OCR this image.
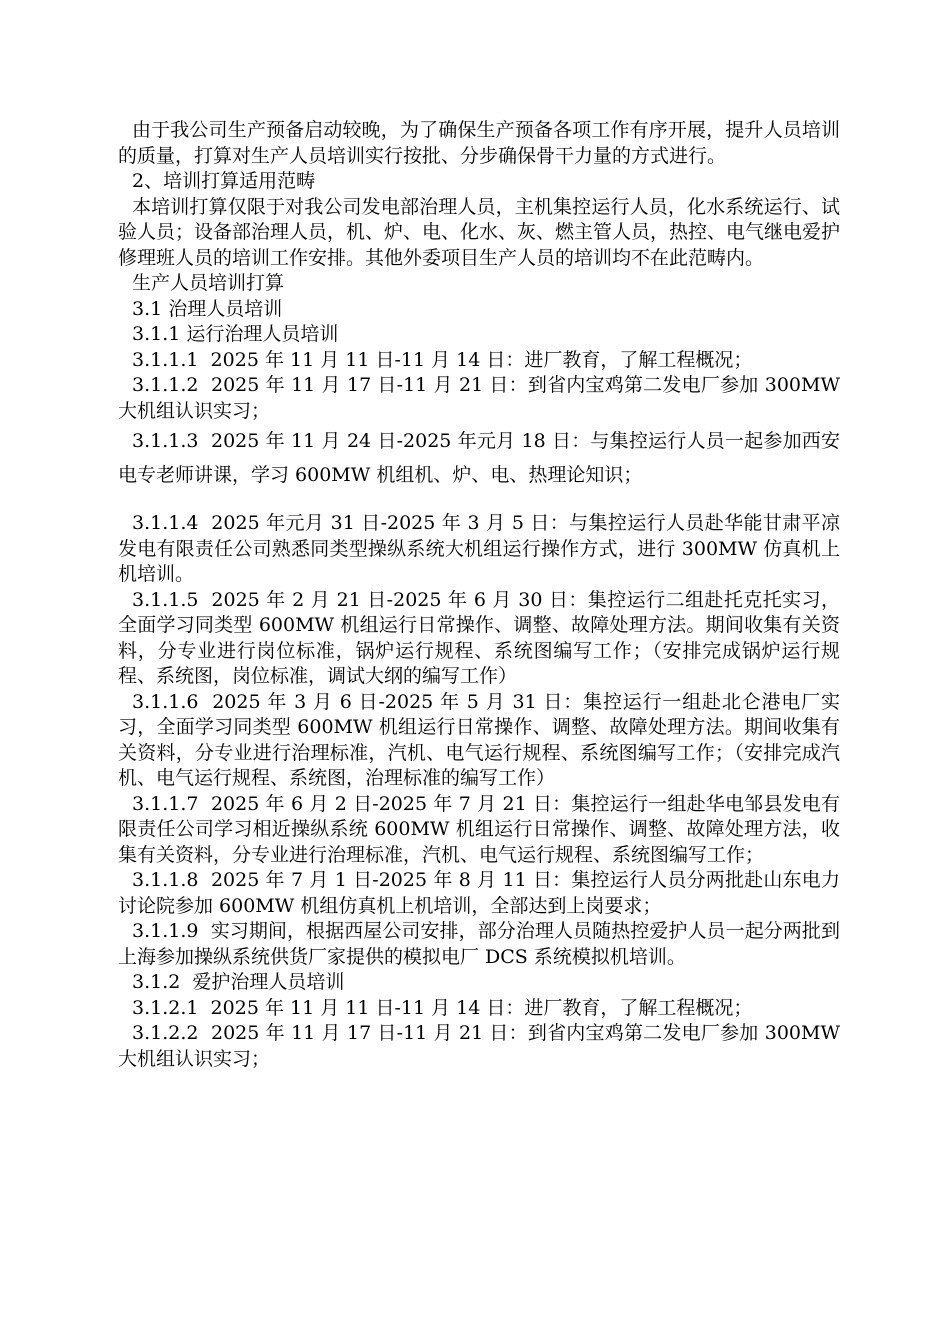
由于我公司生产预备启动较晚，为了确保生产预备各项工作有序开展，提升人员培训的质量，打算对生产人员培训实行按批、分步确保骨干力量的方式进行。

2、培训打算适用范畴

本培训打算仅限于对我公司发电部治理人员，主机集控运行人员，化水系统运行、试验人员；设备部治理人员，机、炉、电、化水、灰、燃主管人员，热控、电气继电爱护修理班人员的培训工作安排。其他外委项目生产人员的培训均不在此范畴内。

生产人员培训打算

3.1 治理人员培训

3.1.1 运行治理人员培训

3.1.1.1  2025 年 11 月 11 日-11 月 14 日：进厂教育，了解工程概况；

3.1.1.2  2025 年 11 月 17 日-11 月 21 日：到省内宝鸡第二发电厂参加 300MW 大机组认识实习；

3.1.1.3  2025 年 11 月 24 日-2025 年元月 18 日：与集控运行人员一起参加西安电专老师讲课，学习 600MW 机组机、炉、电、热理论知识；

3.1.1.4  2025 年元月 31 日-2025 年 3 月 5 日：与集控运行人员赴华能甘肃平凉发电有限责任公司熟悉同类型操纵系统大机组运行操作方式，进行 300MW 仿真机上机培训。

3.1.1.5  2025 年 2 月 21 日-2025 年 6 月 30 日：集控运行二组赴托克托实习，全面学习同类型 600MW 机组运行日常操作、调整、故障处理方法。期间收集有关资料，分专业进行岗位标准，锅炉运行规程、系统图编写工作；（安排完成锅炉运行规程、系统图，岗位标准，调试大纲的编写工作）

3.1.1.6  2025 年 3 月 6 日-2025 年 5 月 31 日：集控运行一组赴北仑港电厂实习，全面学习同类型 600MW 机组运行日常操作、调整、故障处理方法。期间收集有关资料，分专业进行治理标准，汽机、电气运行规程、系统图编写工作；（安排完成汽机、电气运行规程、系统图，治理标准的编写工作）

3.1.1.7  2025 年 6 月 2 日-2025 年 7 月 21 日：集控运行一组赴华电邹县发电有限责任公司学习相近操纵系统 600MW 机组运行日常操作、调整、故障处理方法，收集有关资料，分专业进行治理标准，汽机、电气运行规程、系统图编写工作；

3.1.1.8  2025 年 7 月 1 日-2025 年 8 月 11 日：集控运行人员分两批赴山东电力讨论院参加 600MW 机组仿真机上机培训，全部达到上岗要求；

3.1.1.9  实习期间，根据西屋公司安排，部分治理人员随热控爱护人员一起分两批到上海参加操纵系统供货厂家提供的模拟电厂 DCS 系统模拟机培训。

3.1.2  爱护治理人员培训

3.1.2.1  2025 年 11 月 11 日-11 月 14 日：进厂教育，了解工程概况；

3.1.2.2  2025 年 11 月 17 日-11 月 21 日：到省内宝鸡第二发电厂参加 300MW 大机组认识实习；
